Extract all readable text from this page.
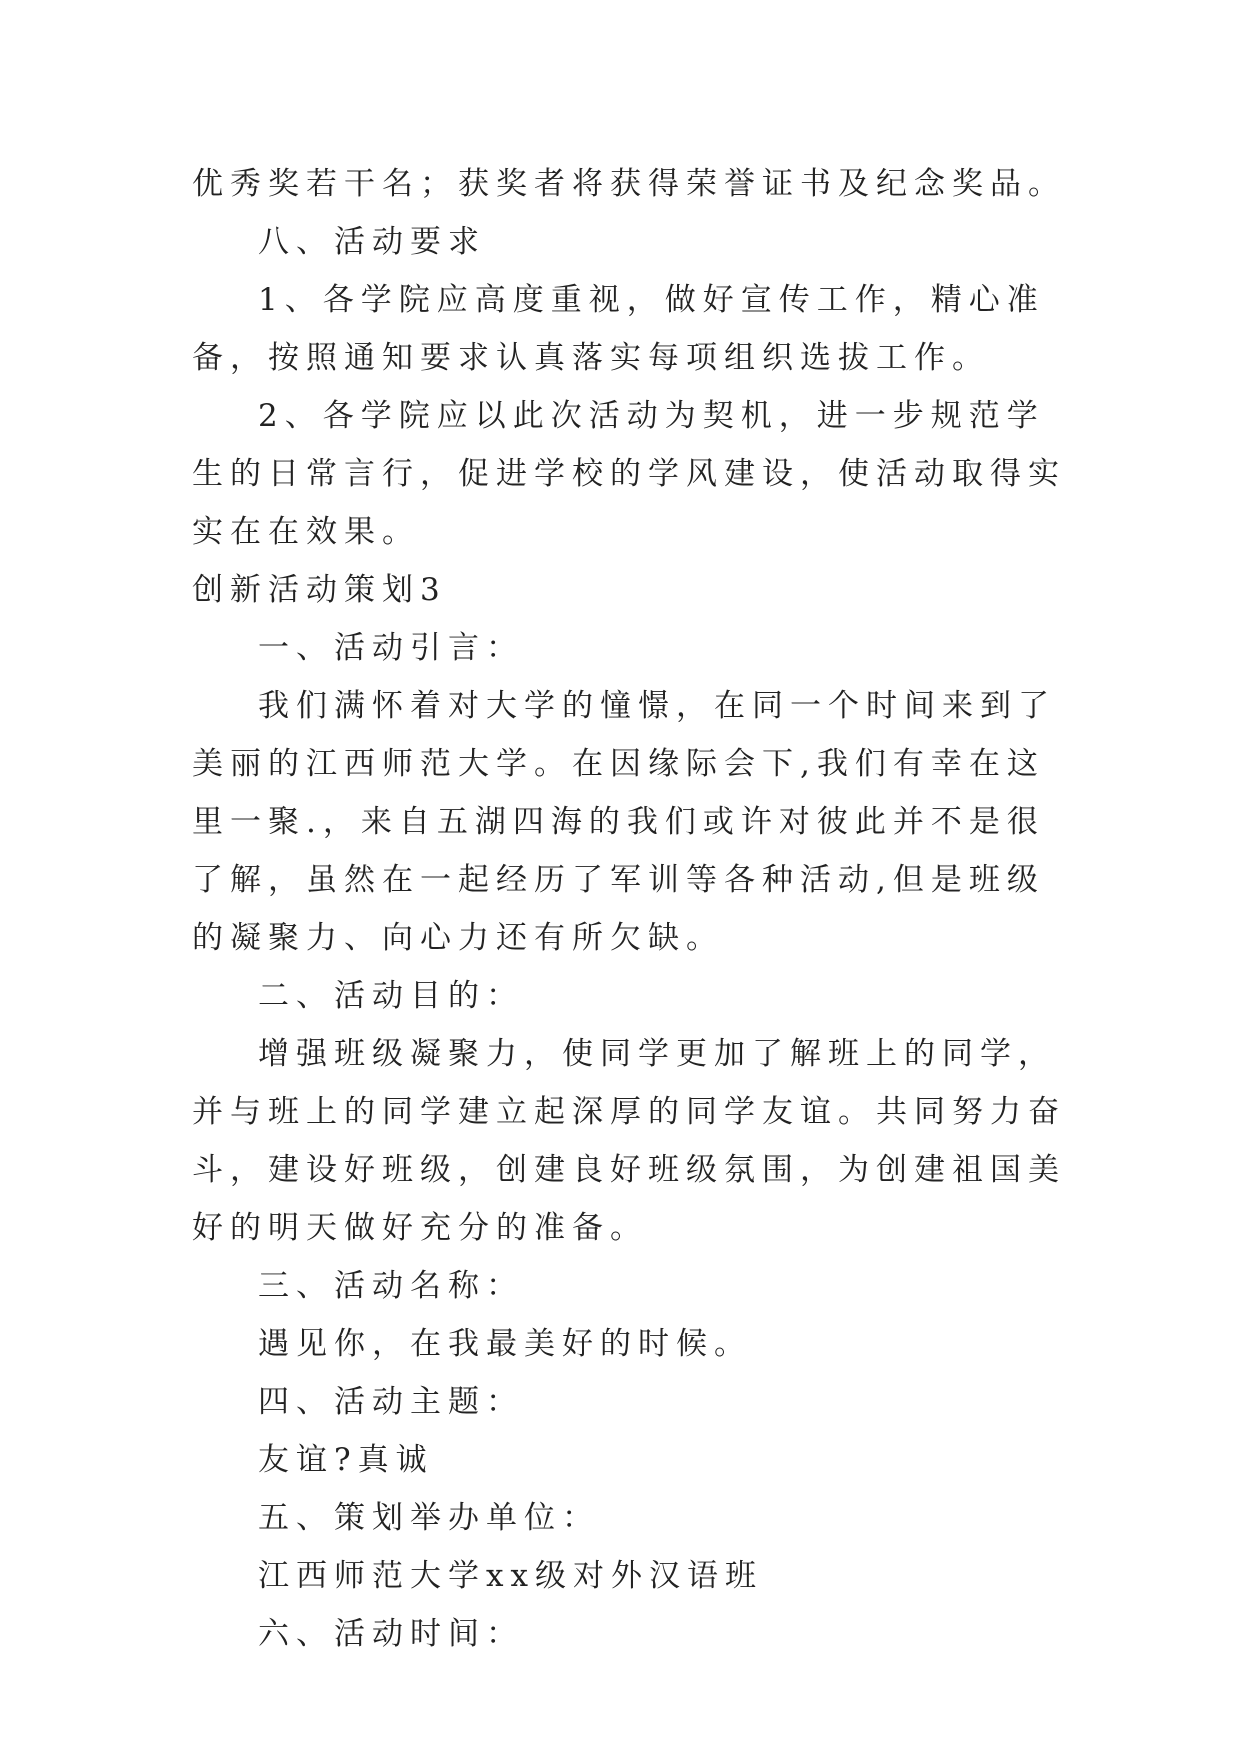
优秀奖若干名；获奖者将获得荣誉证书及纪念奖品。

八、活动要求

1、各学院应高度重视，做好宣传工作，精心准备，按照通知要求认真落实每项组织选拔工作。

2、各学院应以此次活动为契机，进一步规范学生的日常言行，促进学校的学风建设，使活动取得实实在在效果。

创新活动策划3

一、活动引言：

我们满怀着对大学的憧憬，在同一个时间来到了美丽的江西师范大学。在因缘际会下,我们有幸在这里一聚.，来自五湖四海的我们或许对彼此并不是很了解，虽然在一起经历了军训等各种活动,但是班级的凝聚力、向心力还有所欠缺。

二、活动目的：

增强班级凝聚力，使同学更加了解班上的同学，并与班上的同学建立起深厚的同学友谊。共同努力奋斗，建设好班级，创建良好班级氛围，为创建祖国美好的明天做好充分的准备。

三、活动名称：

遇见你，在我最美好的时候。

四、活动主题：

友谊?真诚

五、策划举办单位：

江西师范大学xx级对外汉语班

六、活动时间：
